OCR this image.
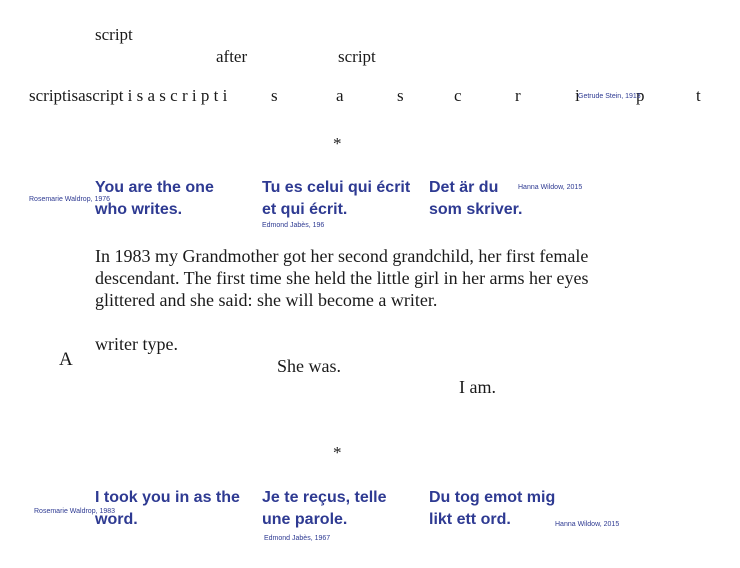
script
after	script
scriptisascript i s a s c r i p t i	s	a	s	c	r	i	p	t
Getrude Stein, 1913
*
Rosemarie Waldrop, 1976
You are the one
who writes.
Tu es celui qui écrit
et qui écrit.
Edmond Jabès, 196
Det är du
som skriver.
Hanna Wildow, 2015
In 1983 my Grandmother got her second grandchild, her first female descendant. The first time she held the little girl in her arms her eyes glittered and she said: she will become a writer.
A
writer type.
She was.
I am.
*
Rosemarie Waldrop, 1983
I took you in as the
word.
Je te reçus, telle
une parole.
Edmond Jabès, 1967
Du tog emot mig
likt ett ord.	Hanna Wildow, 2015
